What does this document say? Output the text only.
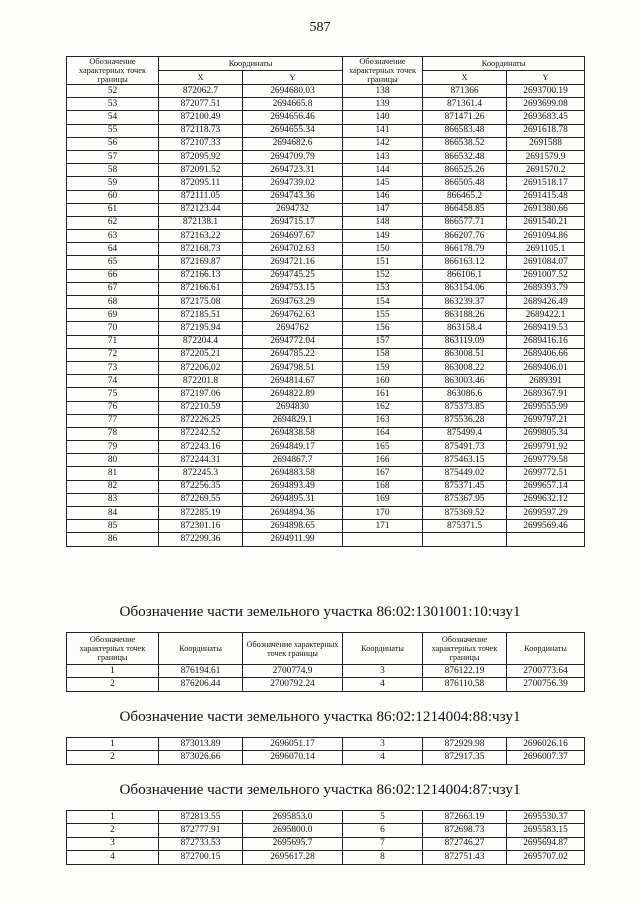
587
Обозначение характерных точек границы	Координаты		Обозначение характерных точек границы	Координаты	
	X	Y		X	Y
52	872062.7	2694680.03	138	871366	2693700.19
53	872077.51	2694665.8	139	871361.4	2693699.08
54	872100.49	2694656.46	140	871471.26	2693683.45
55	872118.73	2694655.34	141	866583.48	2691618.78
56	872107.33	2694682.6	142	866538.52	2691588
57	872095.92	2694709.79	143	866532.48	2691579.9
58	872091.52	2694723.31	144	866525.26	2691570.2
59	872095.11	2694739.02	145	866505.48	2691518.17
60	872111.05	2694743.36	146	866465.2	2691415.48
61	872123.44	2694732	147	866458.85	2691380.66
62	872138.1	2694715.17	148	866577.71	2691540.21
63	872163.22	2694697.67	149	866207.76	2691094.86
64	872168.73	2694702.63	150	866178.79	2691105.1
65	872169.87	2694721.16	151	866163.12	2691084.07
66	872166.13	2694745.25	152	866106.1	2691007.52
67	872166.61	2694753.15	153	863154.06	2689393.79
68	872175.08	2694763.29	154	863239.37	2689426.49
69	872185.51	2694762.63	155	863188.26	2689422.1
70	872195.94	2694762	156	863158.4	2689419.53
71	872204.4	2694772.04	157	863119.09	2689416.16
72	872205.21	2694785.22	158	863008.51	2689406.66
73	872206.02	2694798.51	159	863008.22	2689406.01
74	872201.8	2694814.67	160	863003.46	2689391
75	872197.06	2694822.89	161	863086.6	2689367.91
76	872210.59	2694830	162	875373.85	2699555.99
77	872226.25	2694829.1	163	875536.28	2699797.21
78	872242.52	2694838.58	164	875499.4	2699805.34
79	872243.16	2694849.17	165	875491.73	2699791.92
80	872244.31	2694867.7	166	875463.15	2699779.58
81	872245.3	2694883.58	167	875449.02	2699772.51
82	872256.35	2694893.49	168	875371.45	2699657.14
83	872269.55	2694895.31	169	875367.95	2699632.12
84	872285.19	2694894.36	170	875369.52	2699597.29
85	872301.16	2694898.65	171	875371.5	2699569.46
86	872299.36	2694911.99			
Обозначение части земельного участка 86:02:1301001:10:чзу1
Обозначение характерных точек границы	Координаты	Обозначение характерных точек границы	Координаты	Обозначение характерных точек границы	Координаты
1	876194.61	2700774.9	3	876122.19	2700773.64
2	876206.44	2700792.24	4	876110.58	2700756.39
Обозначение части земельного участка 86:02:1214004:88:чзу1
1	873013.89	2696051.17	3	872929.98	2696026.16
2	873026.66	2696070.14	4	872917.35	2696007.37
Обозначение части земельного участка 86:02:1214004:87:чзу1
1	872813.55	2695853.0	5	872663.19	2695530.37
2	872777.91	2695800.0	6	872698.73	2695583.15
3	872733.53	2695695.7	7	872746.27	2695694.87
4	872700.15	2695617.28	8	872751.43	2695707.02
